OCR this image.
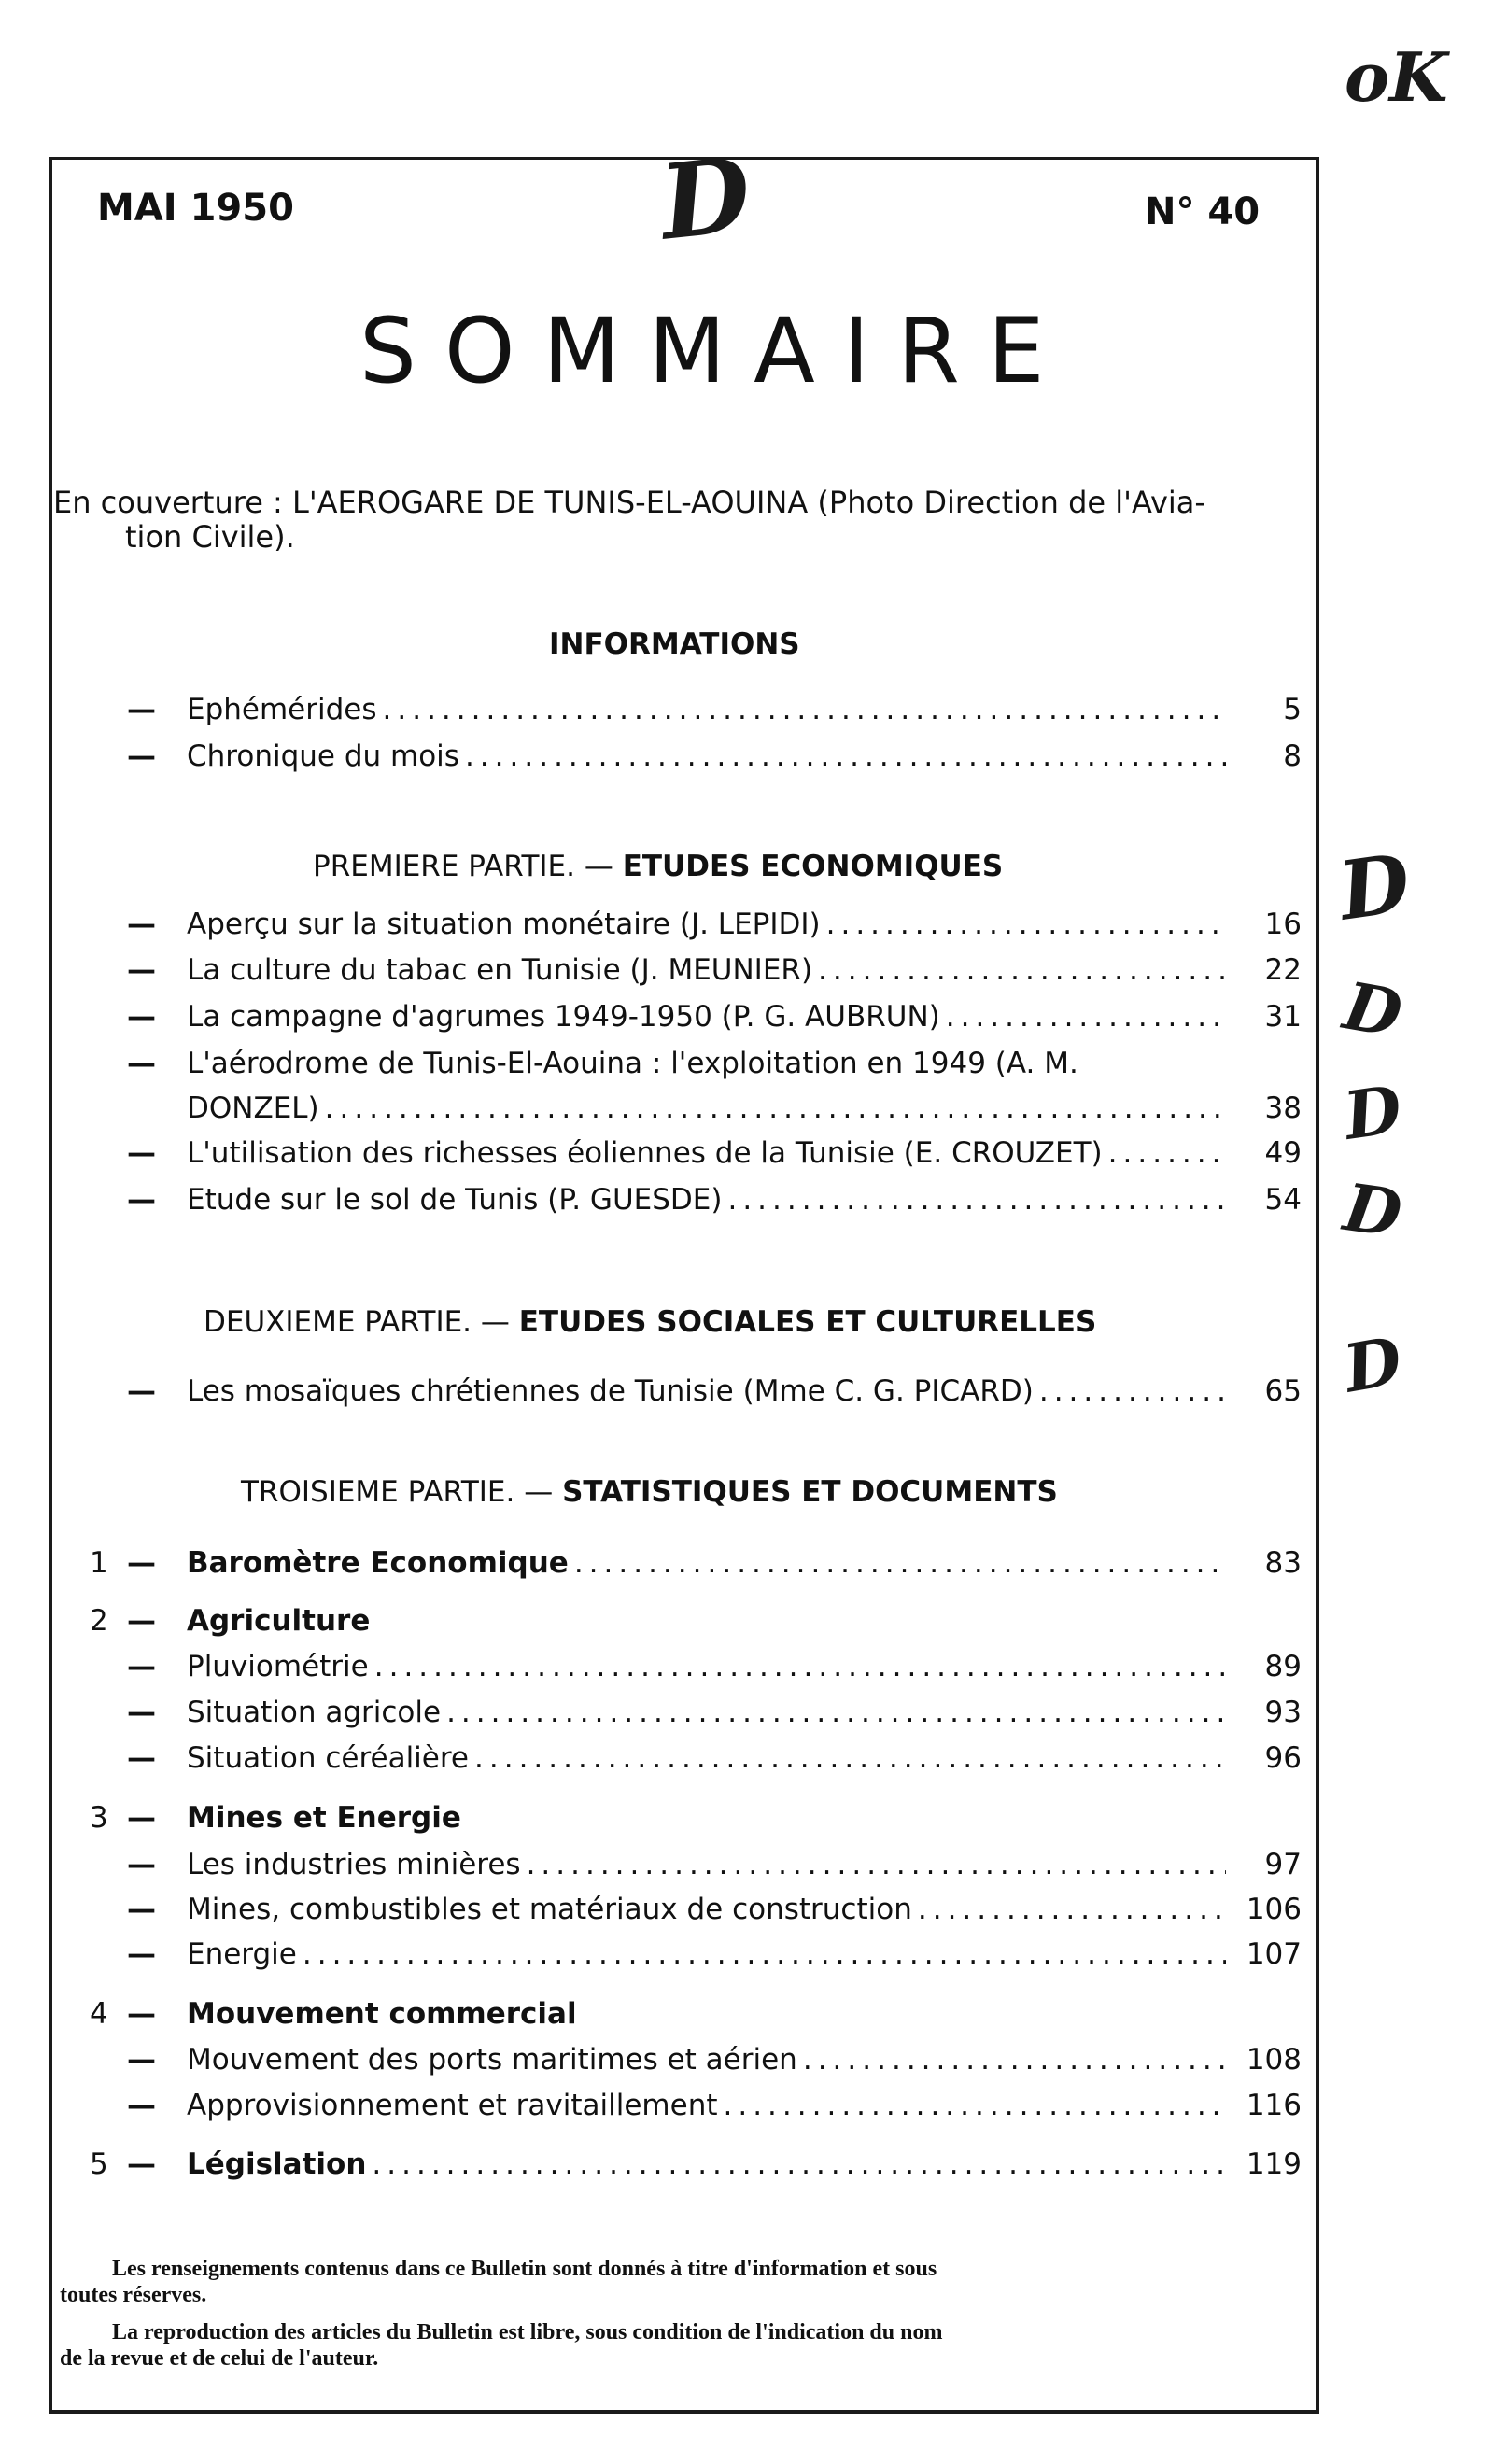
oK
D
D
D
D
D
D
MAI 1950	N° 40
SOMMAIRE
En couverture : L'AEROGARE DE TUNIS-EL-AOUINA (Photo Direction de l'Avia-
tion Civile).
INFORMATIONS
— Ephémérides .....	5
— Chronique du mois .....	8
PREMIERE PARTIE. — ETUDES ECONOMIQUES
— Aperçu sur la situation monétaire (J. LEPIDI) .....	16
— La culture du tabac en Tunisie (J. MEUNIER) .....	22
— La campagne d'agrumes 1949-1950 (P. G. AUBRUN) .....	31
— L'aérodrome de Tunis-El-Aouina : l'exploitation en 1949 (A. M.
DONZEL) .....	38
— L'utilisation des richesses éoliennes de la Tunisie (E. CROUZET) .....	49
— Etude sur le sol de Tunis (P. GUESDE) .....	54
DEUXIEME PARTIE. — ETUDES SOCIALES ET CULTURELLES
— Les mosaïques chrétiennes de Tunisie (Mme C. G. PICARD) .....	65
TROISIEME PARTIE. — STATISTIQUES ET DOCUMENTS
1 — Baromètre Economique .....	83
2 — Agriculture
— Pluviométrie .....	89
— Situation agricole .....	93
— Situation céréalière .....	96
3 — Mines et Energie
— Les industries minières .....	97
— Mines, combustibles et matériaux de construction .....	106
— Energie .....	107
4 — Mouvement commercial
— Mouvement des ports maritimes et aérien .....	108
— Approvisionnement et ravitaillement .....	116
5 — Législation .....	119
Les renseignements contenus dans ce Bulletin sont donnés à titre d'information et sous
toutes réserves.
La reproduction des articles du Bulletin est libre, sous condition de l'indication du nom
de la revue et de celui de l'auteur.
